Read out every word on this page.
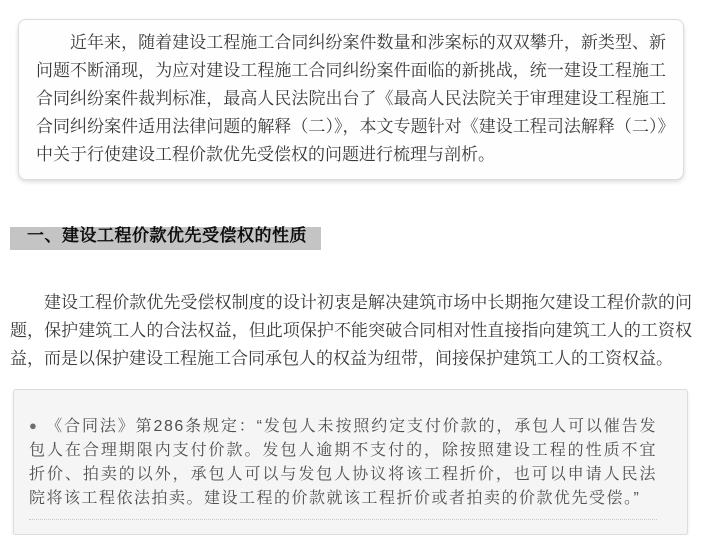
近年来，随着建设工程施工合同纠纷案件数量和涉案标的双双攀升，新类型、新问题不断涌现，为应对建设工程施工合同纠纷案件面临的新挑战，统一建设工程施工合同纠纷案件裁判标准，最高人民法院出台了《最高人民法院关于审理建设工程施工合同纠纷案件适用法律问题的解释（二）》，本文专题针对《建设工程司法解释（二）》中关于行使建设工程价款优先受偿权的问题进行梳理与剖析。

一、建设工程价款优先受偿权的性质

建设工程价款优先受偿权制度的设计初衷是解决建筑市场中长期拖欠建设工程价款的问题，保护建筑工人的合法权益，但此项保护不能突破合同相对性直接指向建筑工人的工资权益，而是以保护建设工程施工合同承包人的权益为纽带，间接保护建筑工人的工资权益。

● 《合同法》第286条规定：“发包人未按照约定支付价款的，承包人可以催告发包人在合理期限内支付价款。发包人逾期不支付的，除按照建设工程的性质不宜折价、拍卖的以外，承包人可以与发包人协议将该工程折价，也可以申请人民法院将该工程依法拍卖。建设工程的价款就该工程折价或者拍卖的价款优先受偿。”
